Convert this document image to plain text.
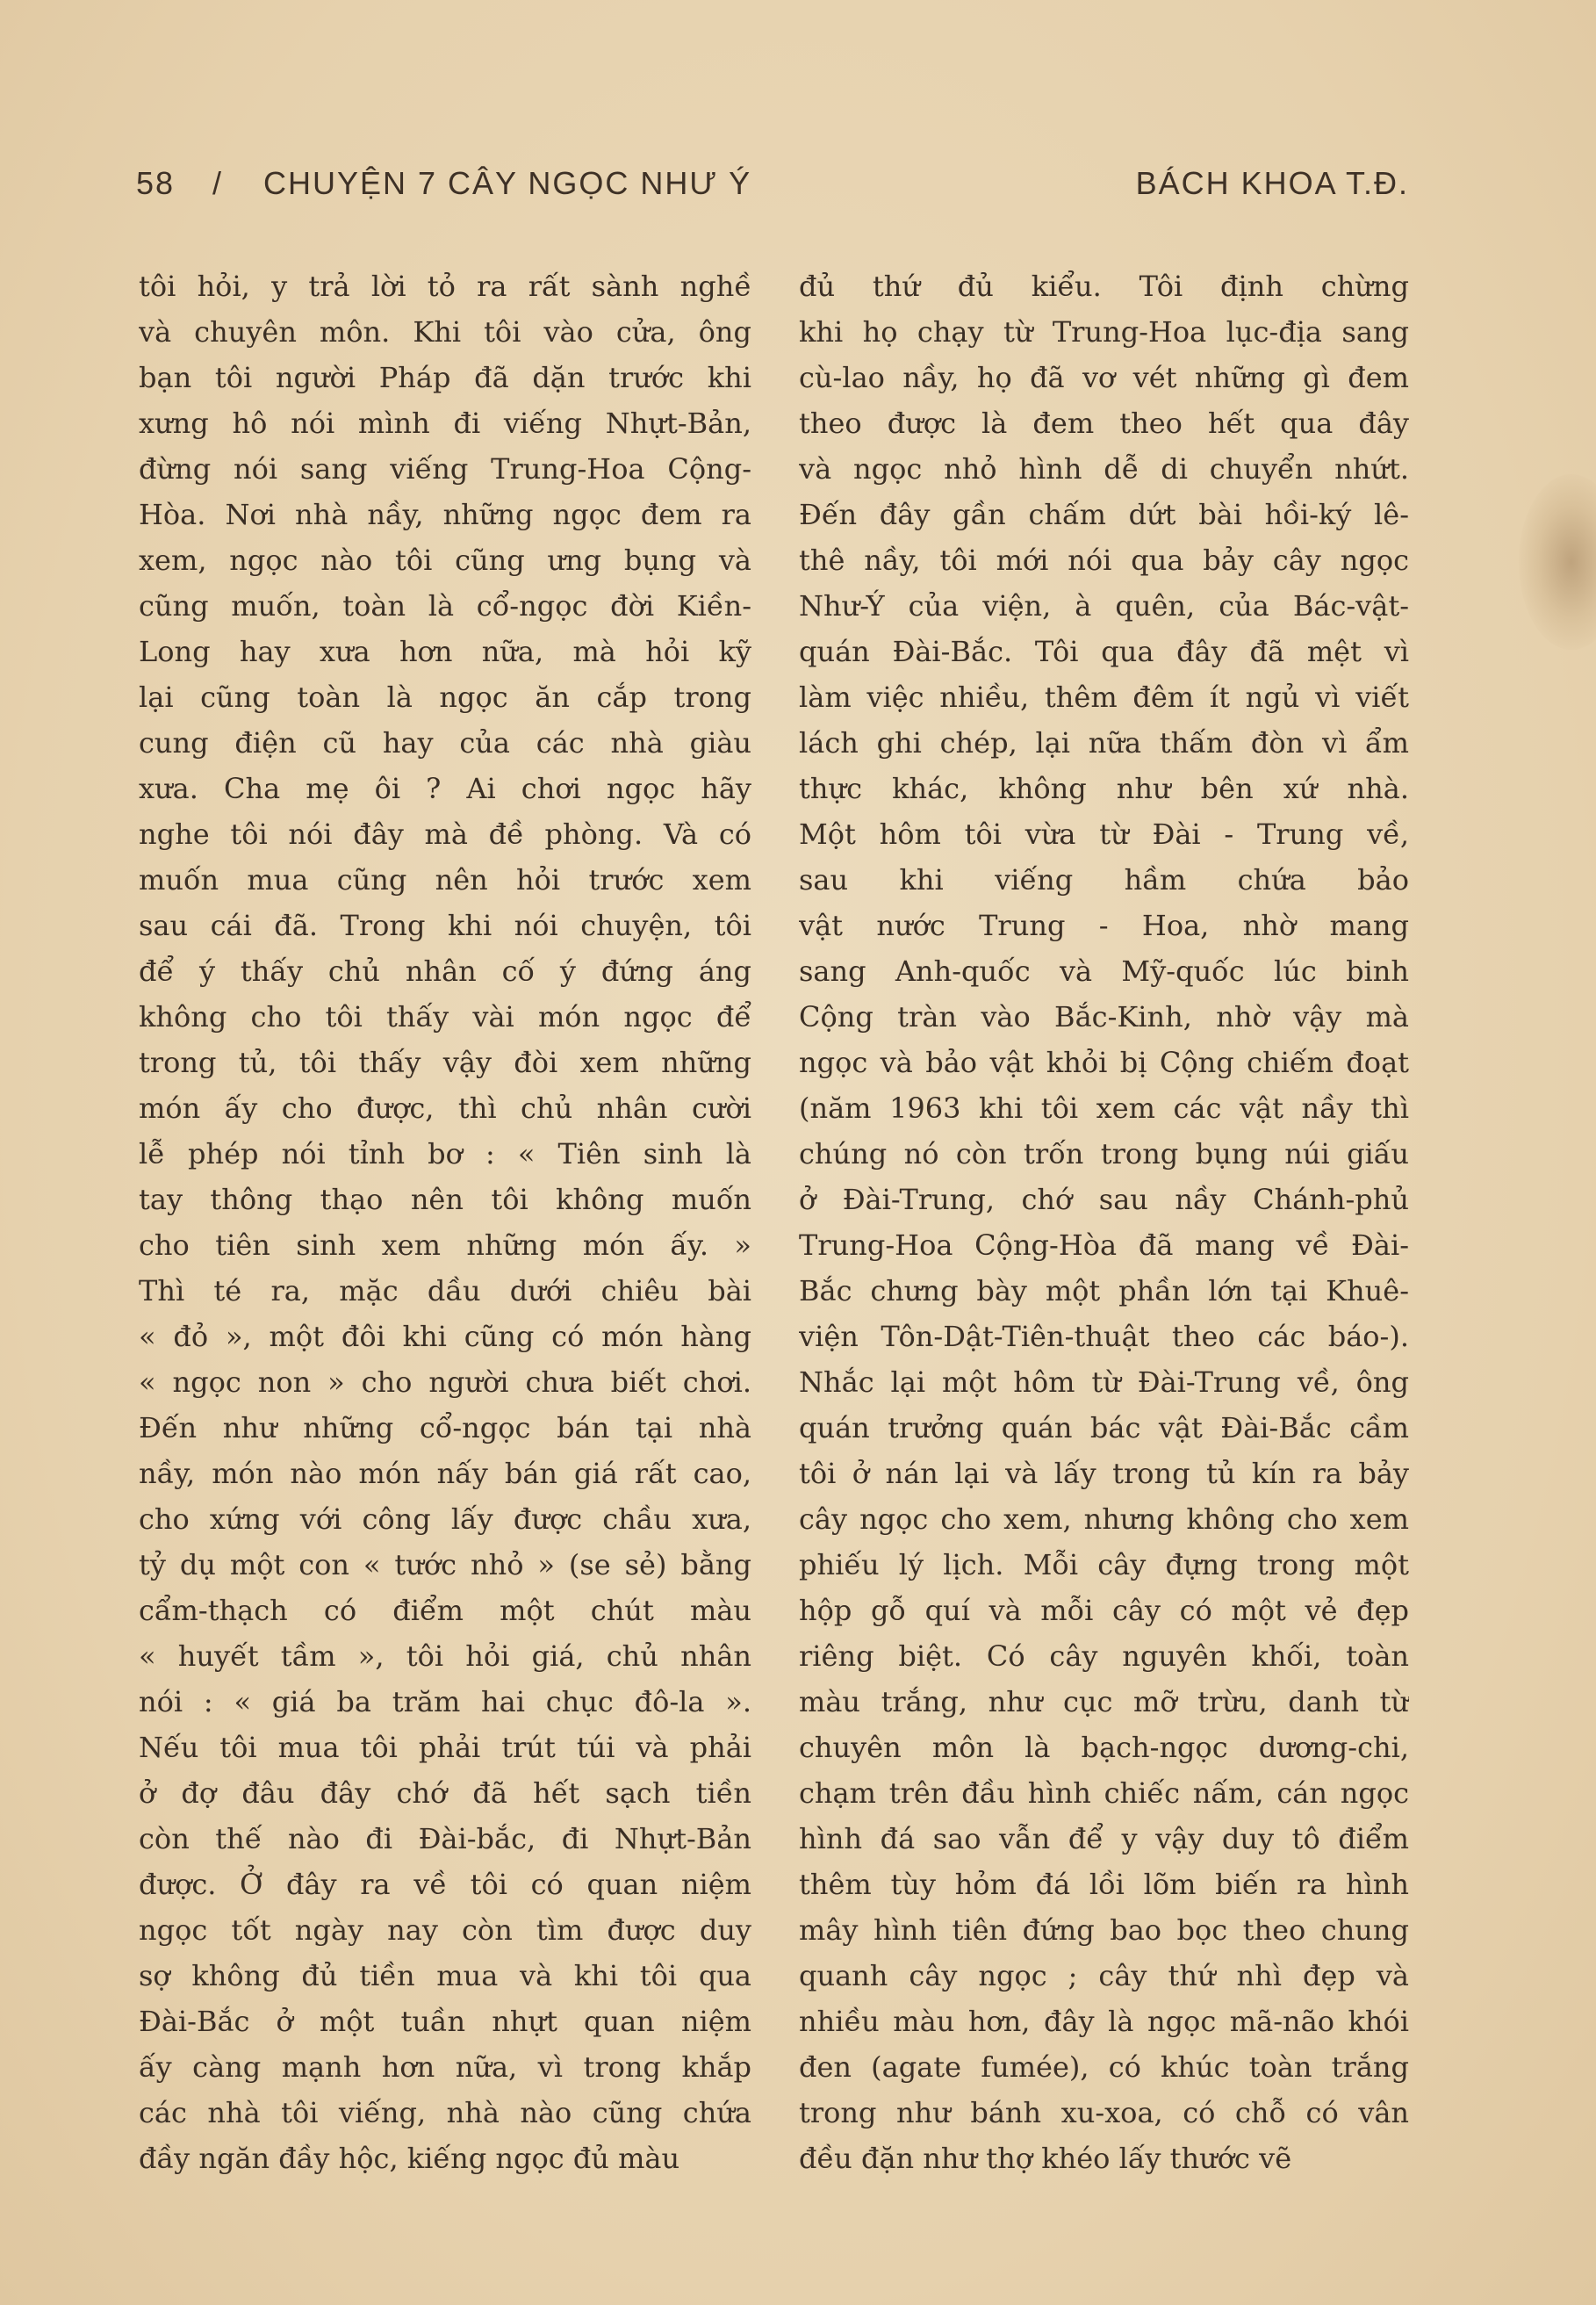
58 / CHUYỆN 7 CÂY NGỌC NHƯ Ý	BÁCH KHOA T.Đ.
tôi hỏi, y trả lời tỏ ra rất sành nghề
và chuyên môn. Khi tôi vào cửa, ông
bạn tôi người Pháp đã dặn trước khi
xưng hô nói mình đi viếng Nhựt-Bản,
đừng nói sang viếng Trung-Hoa Cộng-
Hòa. Nơi nhà nầy, những ngọc đem ra
xem, ngọc nào tôi cũng ưng bụng và
cũng muốn, toàn là cổ-ngọc đời Kiền-
Long hay xưa hơn nữa, mà hỏi kỹ
lại cũng toàn là ngọc ăn cắp trong
cung điện cũ hay của các nhà giàu
xưa. Cha mẹ ôi ? Ai chơi ngọc hãy
nghe tôi nói đây mà đề phòng. Và có
muốn mua cũng nên hỏi trước xem
sau cái đã. Trong khi nói chuyện, tôi
để ý thấy chủ nhân cố ý đứng áng
không cho tôi thấy vài món ngọc để
trong tủ, tôi thấy vậy đòi xem những
món ấy cho được, thì chủ nhân cười
lễ phép nói tỉnh bơ : « Tiên sinh là
tay thông thạo nên tôi không muốn
cho tiên sinh xem những món ấy. »
Thì té ra, mặc dầu dưới chiêu bài
« đỏ », một đôi khi cũng có món hàng
« ngọc non » cho người chưa biết chơi.
Đến như những cổ-ngọc bán tại nhà
nầy, món nào món nấy bán giá rất cao,
cho xứng với công lấy được chầu xưa,
tỷ dụ một con « tước nhỏ » (se sẻ) bằng
cẩm-thạch có điểm một chút màu
« huyết tầm », tôi hỏi giá, chủ nhân
nói : « giá ba trăm hai chục đô-la ».
Nếu tôi mua tôi phải trút túi và phải
ở đợ đâu đây chớ đã hết sạch tiền
còn thế nào đi Đài-bắc, đi Nhựt-Bản
được. Ở đây ra về tôi có quan niệm
ngọc tốt ngày nay còn tìm được duy
sợ không đủ tiền mua và khi tôi qua
Đài-Bắc ở một tuần nhựt quan niệm
ấy càng mạnh hơn nữa, vì trong khắp
các nhà tôi viếng, nhà nào cũng chứa
đầy ngăn đầy hộc, kiếng ngọc đủ màu
đủ thứ đủ kiểu. Tôi định chừng
khi họ chạy từ Trung-Hoa lục-địa sang
cù-lao nầy, họ đã vơ vét những gì đem
theo được là đem theo hết qua đây
và ngọc nhỏ hình dễ di chuyển nhứt.
Đến đây gần chấm dứt bài hồi-ký lê-
thê nầy, tôi mới nói qua bảy cây ngọc
Như-Ý của viện, à quên, của Bác-vật-
quán Đài-Bắc. Tôi qua đây đã mệt vì
làm việc nhiều, thêm đêm ít ngủ vì viết
lách ghi chép, lại nữa thấm đòn vì ẩm
thực khác, không như bên xứ nhà.
Một hôm tôi vừa từ Đài - Trung về,
sau khi viếng hầm chứa bảo
vật nước Trung - Hoa, nhờ mang
sang Anh-quốc và Mỹ-quốc lúc binh
Cộng tràn vào Bắc-Kinh, nhờ vậy mà
ngọc và bảo vật khỏi bị Cộng chiếm đoạt
(năm 1963 khi tôi xem các vật nầy thì
chúng nó còn trốn trong bụng núi giấu
ở Đài-Trung, chớ sau nầy Chánh-phủ
Trung-Hoa Cộng-Hòa đã mang về Đài-
Bắc chưng bày một phần lớn tại Khuê-
viện Tôn-Dật-Tiên-thuật theo các báo-).
Nhắc lại một hôm từ Đài-Trung về, ông
quán trưởng quán bác vật Đài-Bắc cầm
tôi ở nán lại và lấy trong tủ kín ra bảy
cây ngọc cho xem, nhưng không cho xem
phiếu lý lịch. Mỗi cây đựng trong một
hộp gỗ quí và mỗi cây có một vẻ đẹp
riêng biệt. Có cây nguyên khối, toàn
màu trắng, như cục mỡ trừu, danh từ
chuyên môn là bạch-ngọc dương-chi,
chạm trên đầu hình chiếc nấm, cán ngọc
hình đá sao vẫn để y vậy duy tô điểm
thêm tùy hỏm đá lồi lõm biến ra hình
mây hình tiên đứng bao bọc theo chung
quanh cây ngọc ; cây thứ nhì đẹp và
nhiều màu hơn, đây là ngọc mã-não khói
đen (agate fumée), có khúc toàn trắng
trong như bánh xu-xoa, có chỗ có vân
đều đặn như thợ khéo lấy thước vẽ
